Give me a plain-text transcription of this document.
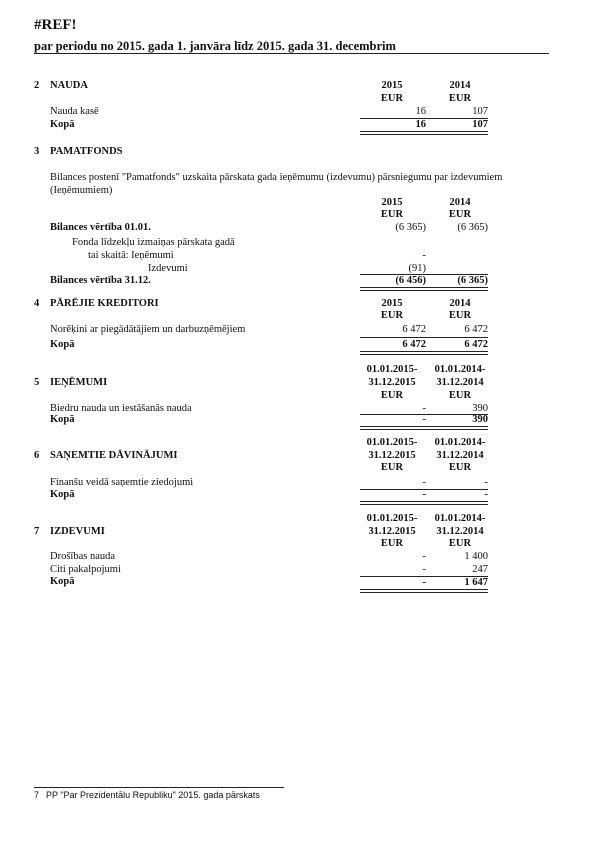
#REF!
par periodu no 2015. gada 1. janvāra līdz 2015. gada 31. decembrim
2 NAUDA	2015	2014
EUR	EUR
Nauda kasē	16	107
Kopā	16	107
3 PAMATFONDS
Bilances postenī "Pamatfonds" uzskaita pārskata gada ieņēmumu (izdevumu) pārsniegumu par izdevumiem
(Ieņēmumiem)
2015	2014
EUR	EUR
Bilances vērtība 01.01.	(6 365)	(6 365)
Fonda līdzekļu izmaiņas pārskata gadā
tai skaitā: Ieņēmumi	-
Izdevumi	(91)
Bilances vērtība 31.12.	(6 456)	(6 365)
4 PĀRĒJIE KREDITORI	2015	2014
EUR	EUR
Norēķini ar piegādātājiem un darbuzņēmējiem	6 472	6 472
Kopā	6 472	6 472
01.01.2015-	01.01.2014-
5 IEŅĒMUMI	31.12.2015	31.12.2014
EUR	EUR
Biedru nauda un iestāšanās nauda	-	390
Kopā	-	390
01.01.2015-	01.01.2014-
6 SAŅEMTIE DĀVINĀJUMI	31.12.2015	31.12.2014
EUR	EUR
Finanšu veidā saņemtie ziedojumi	-	-
Kopā	-	-
01.01.2015-	01.01.2014-
7 IZDEVUMI	31.12.2015	31.12.2014
EUR	EUR
Drošības nauda	-	1 400
Citi pakalpojumi	-	247
Kopā	-	1 647
7 PP "Par Prezidentālu Republiku" 2015. gada pārskats
